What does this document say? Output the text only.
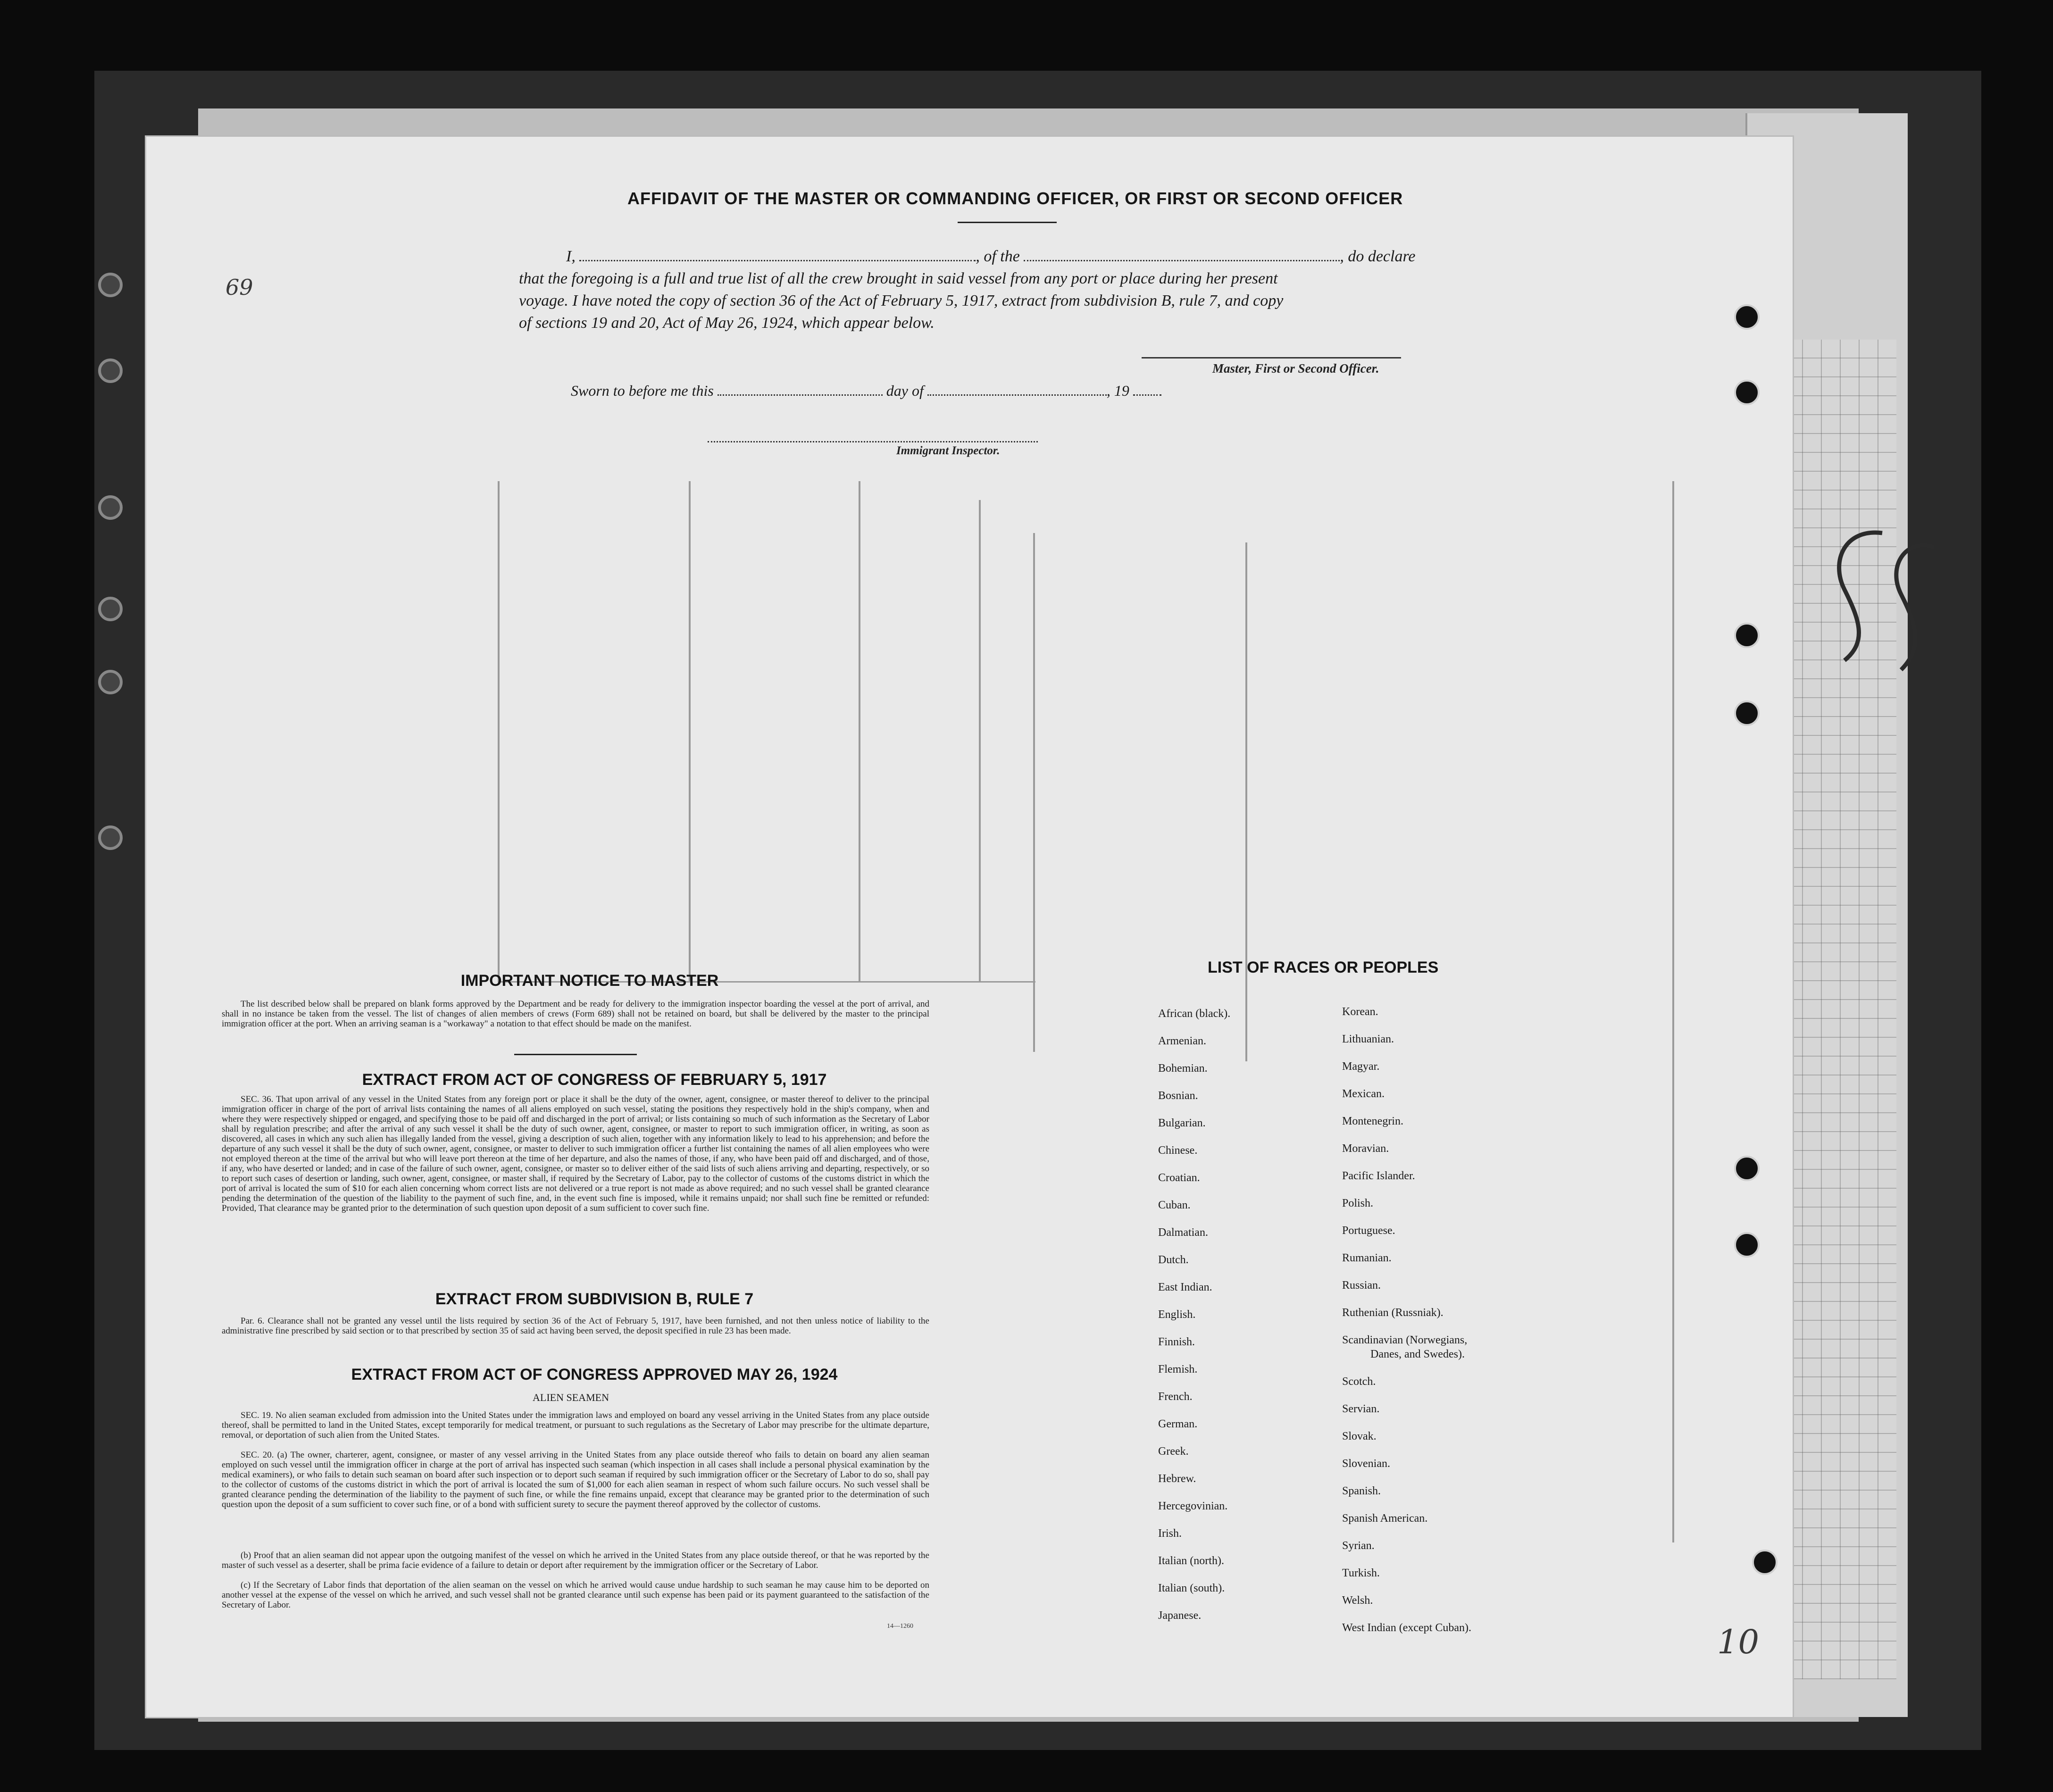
AFFIDAVIT OF THE MASTER OR COMMANDING OFFICER, OR FIRST OR SECOND OFFICER
69
I,	, of the	, do declare
that the foregoing is a full and true list of all the crew brought in said vessel from any port or place during her present
voyage. I have noted the copy of section 36 of the Act of February 5, 1917, extract from subdivision B, rule 7, and copy
of sections 19 and 20, Act of May 26, 1924, which appear below.
Master, First or Second Officer.
Sworn to before me this	day of	, 19
Immigrant Inspector.
55
10
IMPORTANT NOTICE TO MASTER
The list described below shall be prepared on blank forms approved by the Department and be ready for delivery to the immigration inspector boarding the vessel at the port of arrival, and shall in no instance be taken from the vessel. The list of changes of alien members of crews (Form 689) shall not be retained on board, but shall be delivered by the master to the principal immigration officer at the port. When an arriving seaman is a "workaway" a notation to that effect should be made on the manifest.
EXTRACT FROM ACT OF CONGRESS OF FEBRUARY 5, 1917
SEC. 36. That upon arrival of any vessel in the United States from any foreign port or place it shall be the duty of the owner, agent, consignee, or master thereof to deliver to the principal immigration officer in charge of the port of arrival lists containing the names of all aliens employed on such vessel, stating the positions they respectively hold in the ship's company, when and where they were respectively shipped or engaged, and specifying those to be paid off and discharged in the port of arrival; or lists containing so much of such information as the Secretary of Labor shall by regulation prescribe; and after the arrival of any such vessel it shall be the duty of such owner, agent, consignee, or master to report to such immigration officer, in writing, as soon as discovered, all cases in which any such alien has illegally landed from the vessel, giving a description of such alien, together with any information likely to lead to his apprehension; and before the departure of any such vessel it shall be the duty of such owner, agent, consignee, or master to deliver to such immigration officer a further list containing the names of all alien employees who were not employed thereon at the time of the arrival but who will leave port thereon at the time of her departure, and also the names of those, if any, who have been paid off and discharged, and of those, if any, who have deserted or landed; and in case of the failure of such owner, agent, consignee, or master so to deliver either of the said lists of such aliens arriving and departing, respectively, or so to report such cases of desertion or landing, such owner, agent, consignee, or master shall, if required by the Secretary of Labor, pay to the collector of customs of the customs district in which the port of arrival is located the sum of $10 for each alien concerning whom correct lists are not delivered or a true report is not made as above required; and no such vessel shall be granted clearance pending the determination of the question of the liability to the payment of such fine, and, in the event such fine is imposed, while it remains unpaid; nor shall such fine be remitted or refunded: Provided, That clearance may be granted prior to the determination of such question upon deposit of a sum sufficient to cover such fine.
EXTRACT FROM SUBDIVISION B, RULE 7
Par. 6. Clearance shall not be granted any vessel until the lists required by section 36 of the Act of February 5, 1917, have been furnished, and not then unless notice of liability to the administrative fine prescribed by said section or to that prescribed by section 35 of said act having been served, the deposit specified in rule 23 has been made.
EXTRACT FROM ACT OF CONGRESS APPROVED MAY 26, 1924
ALIEN SEAMEN
SEC. 19. No alien seaman excluded from admission into the United States under the immigration laws and employed on board any vessel arriving in the United States from any place outside thereof, shall be permitted to land in the United States, except temporarily for medical treatment, or pursuant to such regulations as the Secretary of Labor may prescribe for the ultimate departure, removal, or deportation of such alien from the United States.
SEC. 20. (a) The owner, charterer, agent, consignee, or master of any vessel arriving in the United States from any place outside thereof who fails to detain on board any alien seaman employed on such vessel until the immigration officer in charge at the port of arrival has inspected such seaman (which inspection in all cases shall include a personal physical examination by the medical examiners), or who fails to detain such seaman on board after such inspection or to deport such seaman if required by such immigration officer or the Secretary of Labor to do so, shall pay to the collector of customs of the customs district in which the port of arrival is located the sum of $1,000 for each alien seaman in respect of whom such failure occurs. No such vessel shall be granted clearance pending the determination of the liability to the payment of such fine, or while the fine remains unpaid, except that clearance may be granted prior to the determination of such question upon the deposit of a sum sufficient to cover such fine, or of a bond with sufficient surety to secure the payment thereof approved by the collector of customs.
(b) Proof that an alien seaman did not appear upon the outgoing manifest of the vessel on which he arrived in the United States from any place outside thereof, or that he was reported by the master of such vessel as a deserter, shall be prima facie evidence of a failure to detain or deport after requirement by the immigration officer or the Secretary of Labor.
(c) If the Secretary of Labor finds that deportation of the alien seaman on the vessel on which he arrived would cause undue hardship to such seaman he may cause him to be deported on another vessel at the expense of the vessel on which he arrived, and such vessel shall not be granted clearance until such expense has been paid or its payment guaranteed to the satisfaction of the Secretary of Labor.
14—1260
LIST OF RACES OR PEOPLES
African (black).
Armenian.
Bohemian.
Bosnian.
Bulgarian.
Chinese.
Croatian.
Cuban.
Dalmatian.
Dutch.
East Indian.
English.
Finnish.
Flemish.
French.
German.
Greek.
Hebrew.
Hercegovinian.
Irish.
Italian (north).
Italian (south).
Japanese.
Korean.
Lithuanian.
Magyar.
Mexican.
Montenegrin.
Moravian.
Pacific Islander.
Polish.
Portuguese.
Rumanian.
Russian.
Ruthenian (Russniak).
Scandinavian (Norwegians,
Danes, and Swedes).
Scotch.
Servian.
Slovak.
Slovenian.
Spanish.
Spanish American.
Syrian.
Turkish.
Welsh.
West Indian (except Cuban).
